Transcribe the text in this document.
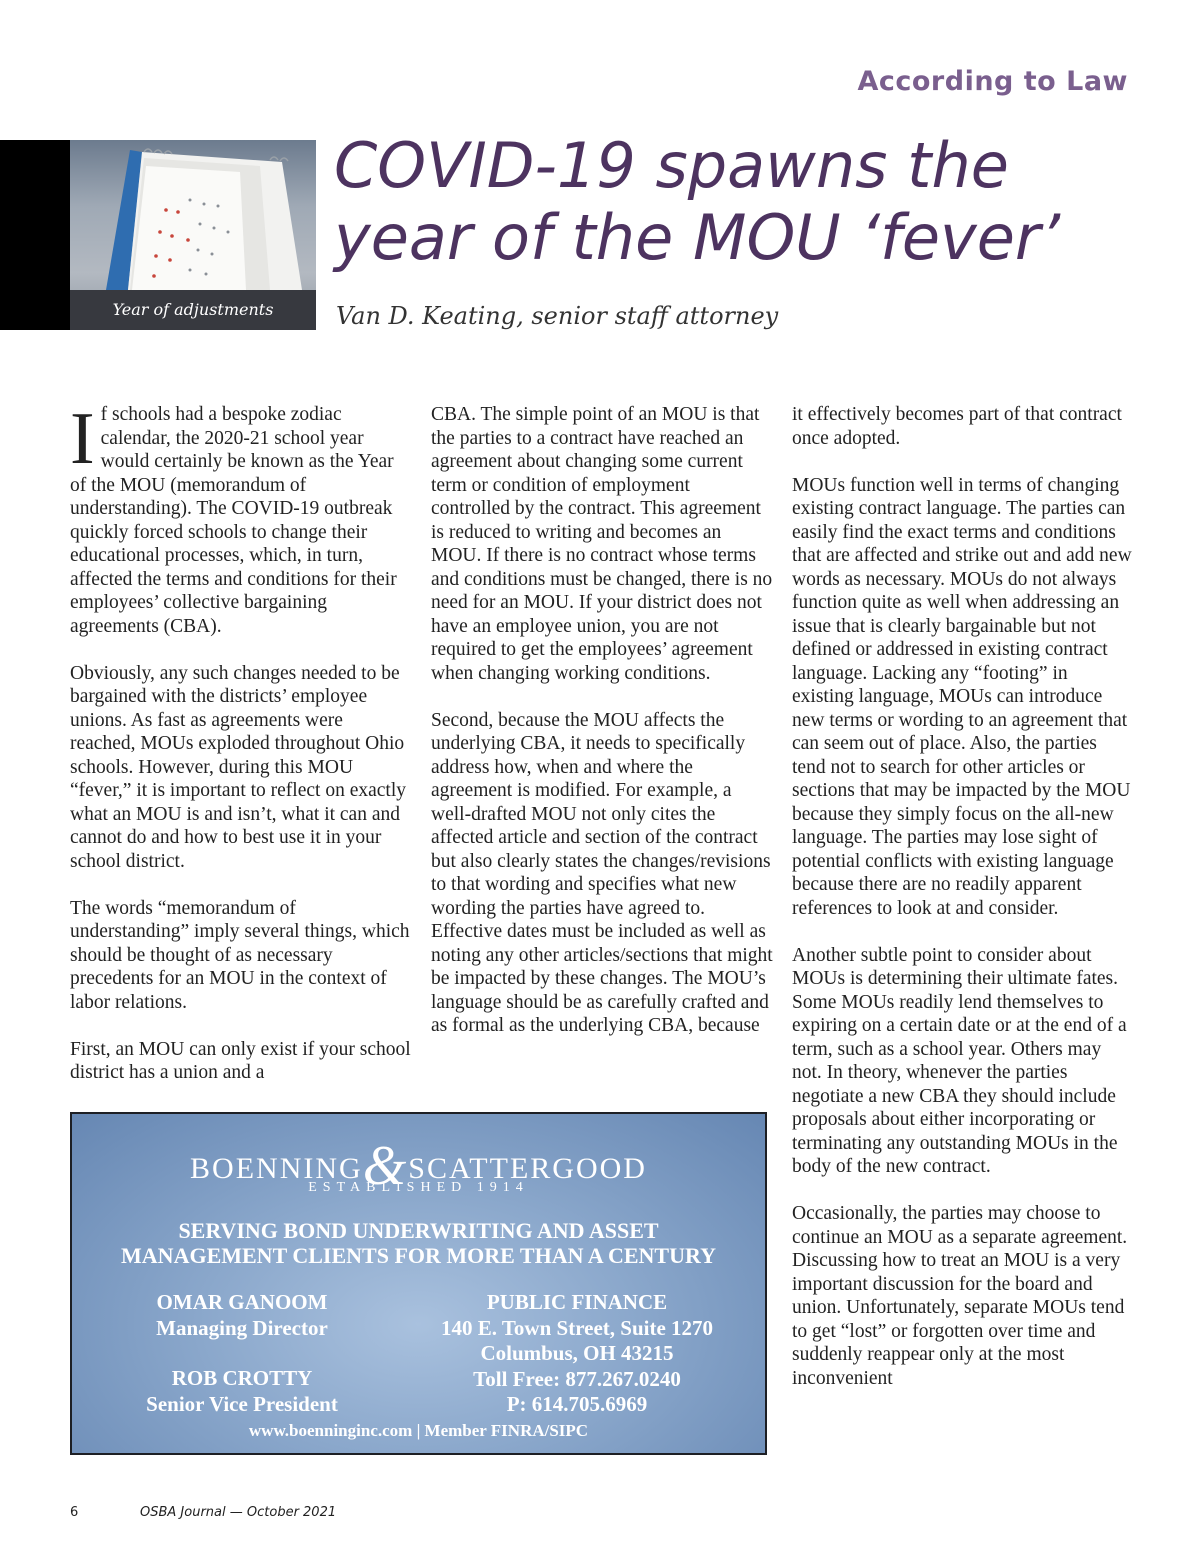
According to Law
Year of adjustments
COVID-19 spawns the
year of the MOU ‘fever’
Van D. Keating, senior staff attorney

If schools had a bespoke zodiac calendar, the 2020-21 school year would certainly be known as the Year of the MOU (memorandum of understanding). The COVID-19 outbreak quickly forced schools to change their educational processes, which, in turn, affected the terms and conditions for their employees’ collective bargaining agreements (CBA).

Obviously, any such changes needed to be bargained with the districts’ employee unions. As fast as agreements were reached, MOUs exploded throughout Ohio schools. However, during this MOU “fever,” it is important to reflect on exactly what an MOU is and isn’t, what it can and cannot do and how to best use it in your school district.

The words “memorandum of understanding” imply several things, which should be thought of as necessary precedents for an MOU in the context of labor relations.

First, an MOU can only exist if your school district has a union and a

CBA. The simple point of an MOU is that the parties to a contract have reached an agreement about changing some current term or condition of employment controlled by the contract. This agreement is reduced to writing and becomes an MOU. If there is no contract whose terms and conditions must be changed, there is no need for an MOU. If your district does not have an employee union, you are not required to get the employees’ agreement when changing working conditions.

Second, because the MOU affects the underlying CBA, it needs to specifically address how, when and where the agreement is modified. For example, a well-drafted MOU not only cites the affected article and section of the contract but also clearly states the changes/revisions to that wording and specifies what new wording the parties have agreed to. Effective dates must be included as well as noting any other articles/sections that might be impacted by these changes. The MOU’s language should be as carefully crafted and as formal as the underlying CBA, because

it effectively becomes part of that contract once adopted.

MOUs function well in terms of changing existing contract language. The parties can easily find the exact terms and conditions that are affected and strike out and add new words as necessary. MOUs do not always function quite as well when addressing an issue that is clearly bargainable but not defined or addressed in existing contract language. Lacking any “footing” in existing language, MOUs can introduce new terms or wording to an agreement that can seem out of place. Also, the parties tend not to search for other articles or sections that may be impacted by the MOU because they simply focus on the all-new language. The parties may lose sight of potential conflicts with existing language because there are no readily apparent references to look at and consider.

Another subtle point to consider about MOUs is determining their ultimate fates. Some MOUs readily lend themselves to expiring on a certain date or at the end of a term, such as a school year. Others may not. In theory, whenever the parties negotiate a new CBA they should include proposals about either incorporating or terminating any outstanding MOUs in the body of the new contract.

Occasionally, the parties may choose to continue an MOU as a separate agreement. Discussing how to treat an MOU is a very important discussion for the board and union. Unfortunately, separate MOUs tend to get “lost” or forgotten over time and suddenly reappear only at the most inconvenient

BOENNING&SCATTERGOOD
ESTABLISHED 1914
SERVING BOND UNDERWRITING AND ASSET
MANAGEMENT CLIENTS FOR MORE THAN A CENTURY
OMAR GANOOM
Managing Director
ROB CROTTY
Senior Vice President
PUBLIC FINANCE
140 E. Town Street, Suite 1270
Columbus, OH 43215
Toll Free: 877.267.0240
P: 614.705.6969
www.boenninginc.com | Member FINRA/SIPC
6	OSBA Journal — October 2021
